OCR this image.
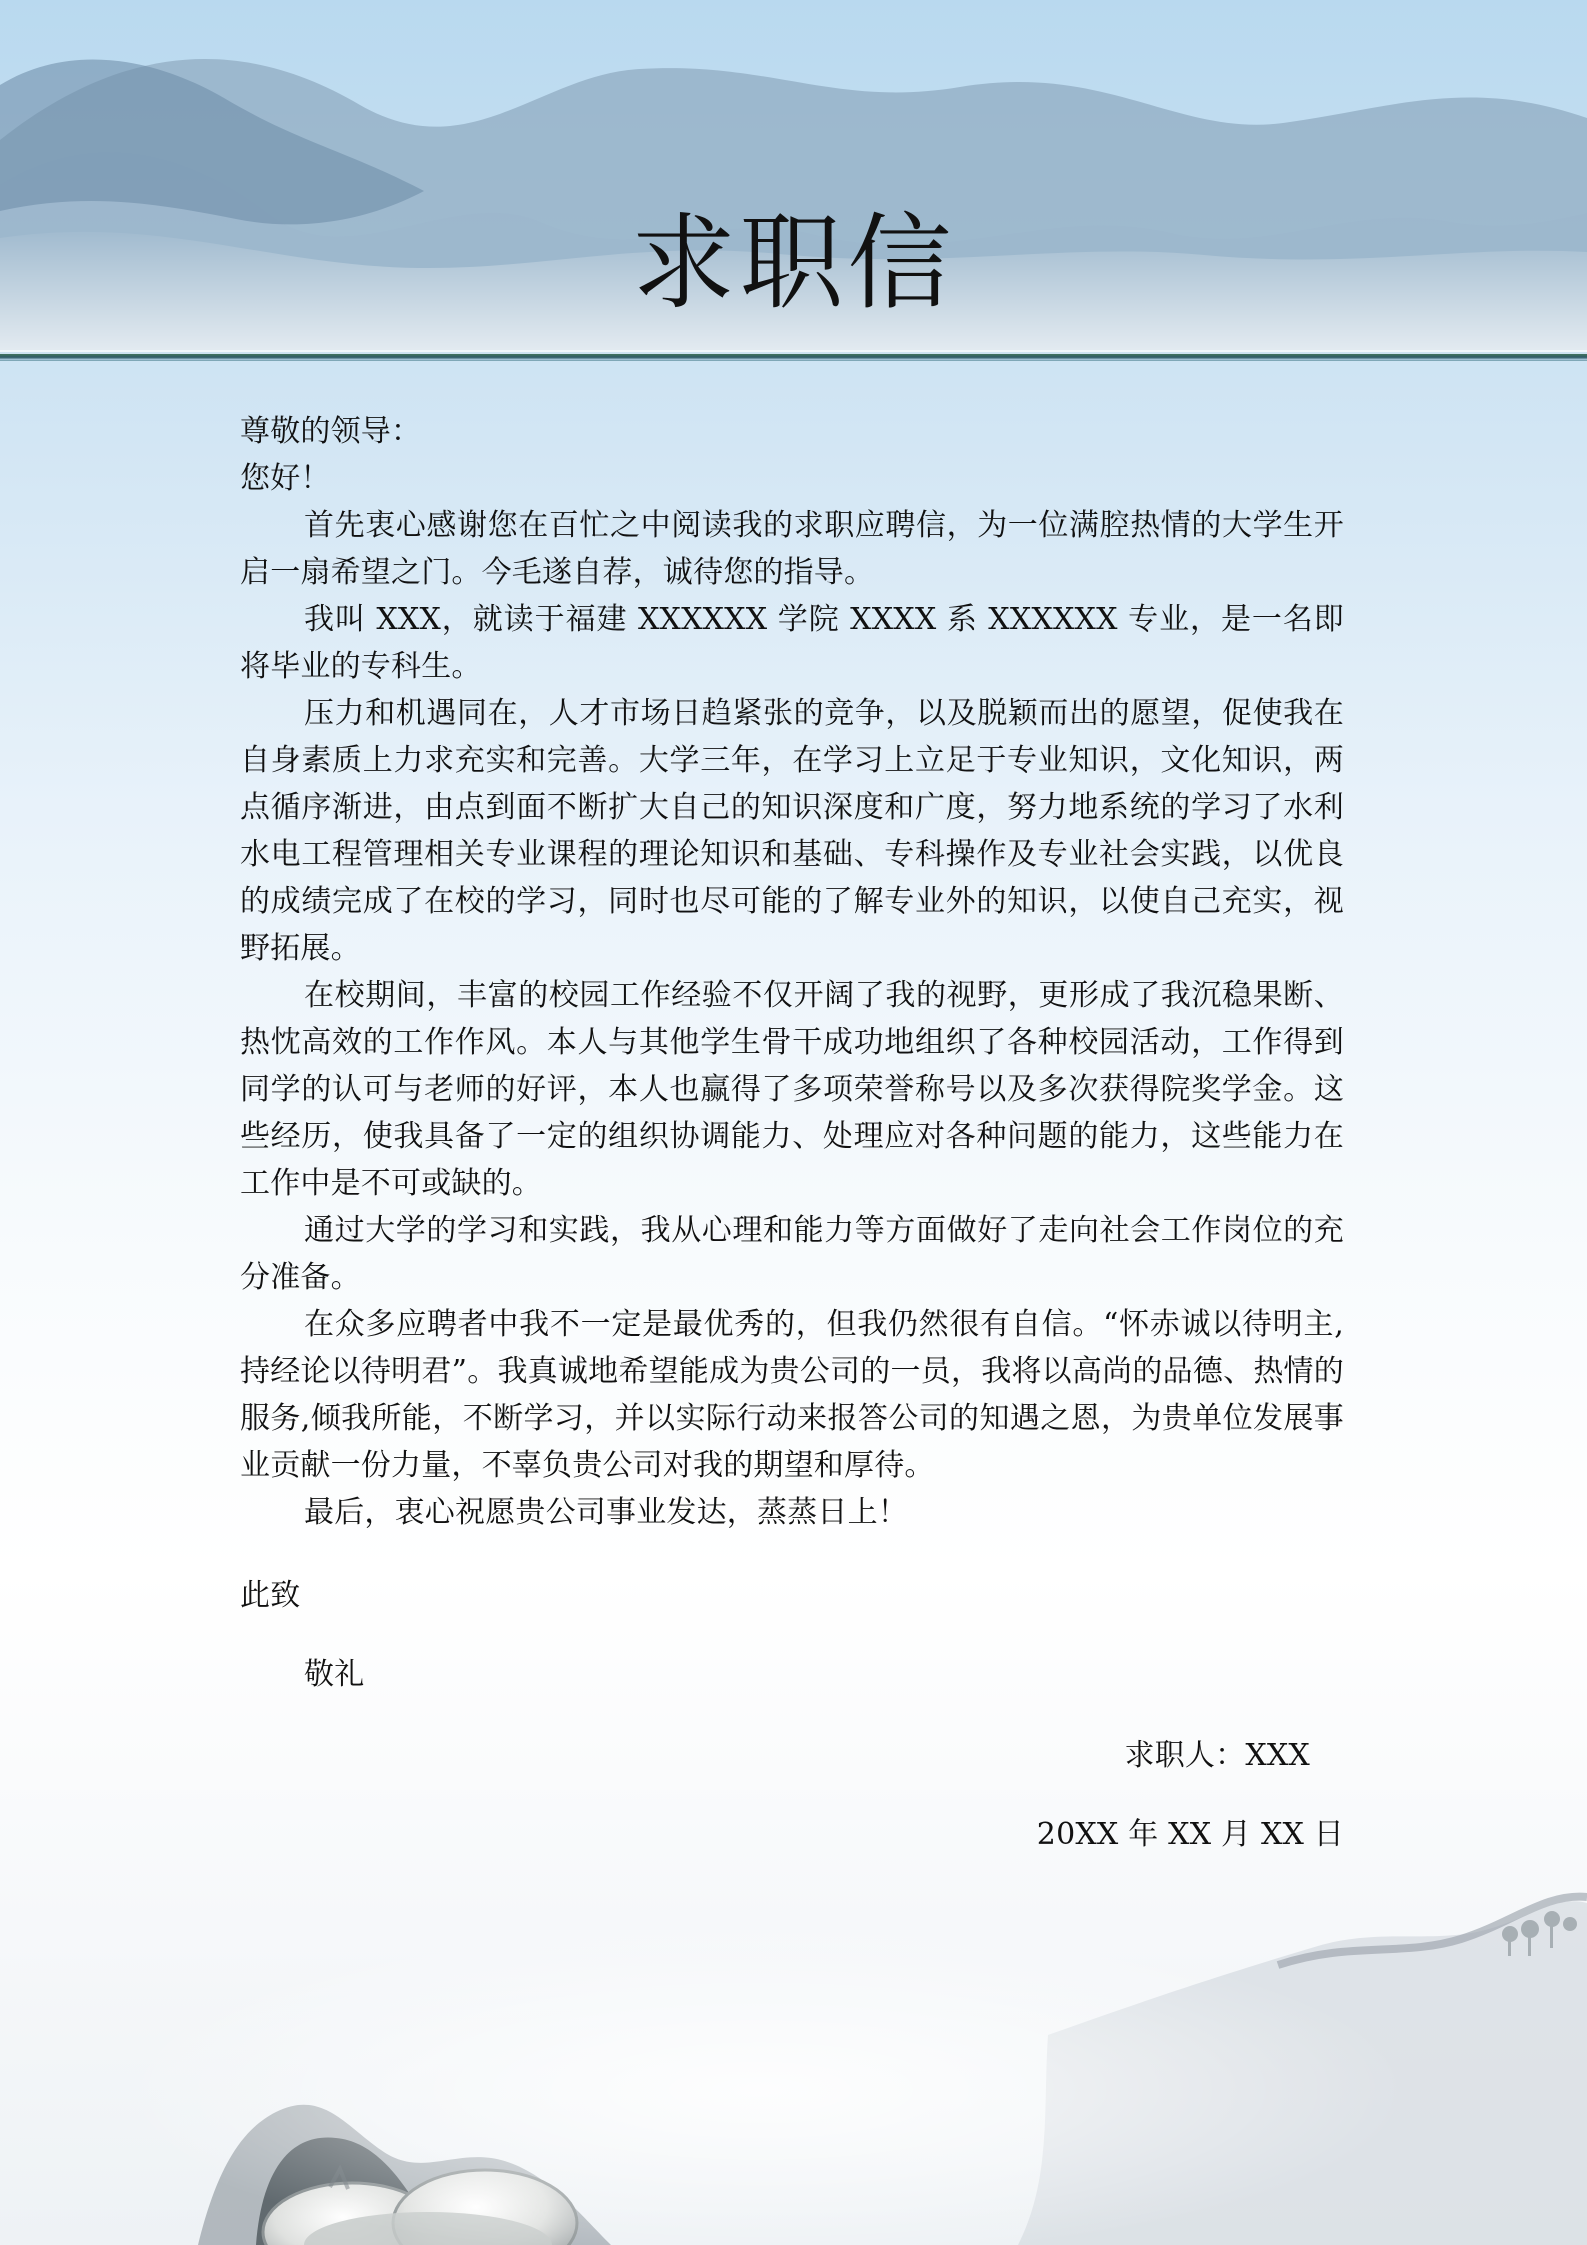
求职信

尊敬的领导：

您好！

首先衷心感谢您在百忙之中阅读我的求职应聘信，为一位满腔热情的大学生开启一扇希望之门。今毛遂自荐，诚待您的指导。

我叫 XXX，就读于福建 XXXXXX 学院 XXXX 系 XXXXXX 专业，是一名即将毕业的专科生。

压力和机遇同在，人才市场日趋紧张的竞争，以及脱颖而出的愿望，促使我在自身素质上力求充实和完善。大学三年，在学习上立足于专业知识，文化知识，两点循序渐进，由点到面不断扩大自己的知识深度和广度，努力地系统的学习了水利水电工程管理相关专业课程的理论知识和基础、专科操作及专业社会实践，以优良的成绩完成了在校的学习，同时也尽可能的了解专业外的知识，以使自己充实，视野拓展。

在校期间，丰富的校园工作经验不仅开阔了我的视野，更形成了我沉稳果断、热忱高效的工作作风。本人与其他学生骨干成功地组织了各种校园活动，工作得到同学的认可与老师的好评，本人也赢得了多项荣誉称号以及多次获得院奖学金。这些经历，使我具备了一定的组织协调能力、处理应对各种问题的能力，这些能力在工作中是不可或缺的。

通过大学的学习和实践，我从心理和能力等方面做好了走向社会工作岗位的充分准备。

在众多应聘者中我不一定是最优秀的，但我仍然很有自信。“怀赤诚以待明主,持经论以待明君”。我真诚地希望能成为贵公司的一员，我将以高尚的品德、热情的服务,倾我所能，不断学习，并以实际行动来报答公司的知遇之恩，为贵单位发展事业贡献一份力量，不辜负贵公司对我的期望和厚待。

最后，衷心祝愿贵公司事业发达，蒸蒸日上！

此致

敬礼

求职人：XXX

20XX 年 XX 月 XX 日
